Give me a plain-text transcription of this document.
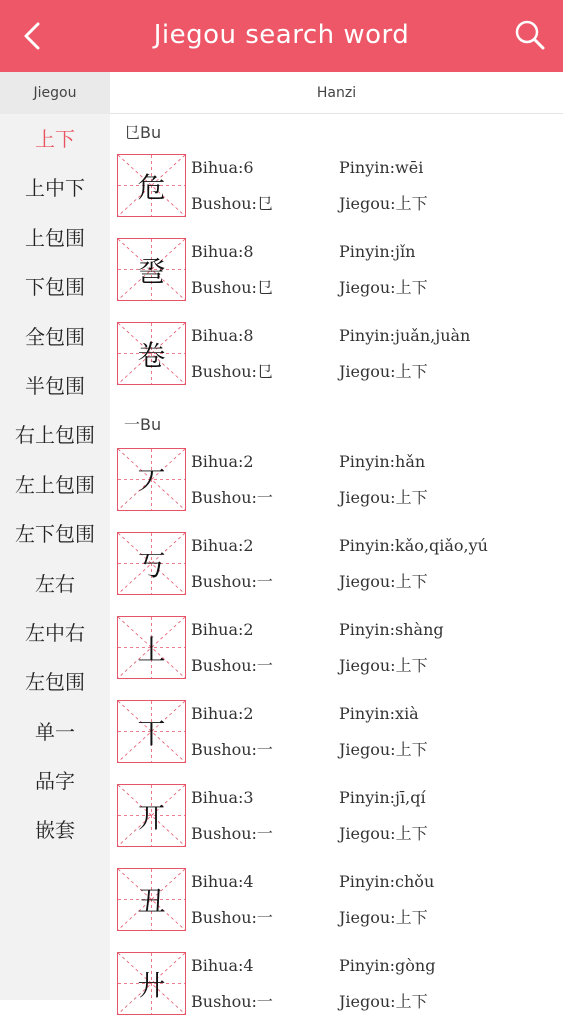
Jiegou search word
Jiegou
上下
上中下
上包围
下包围
全包围
半包围
右上包围
左上包围
左下包围
左右
左中右
左包围
单一
品字
嵌套
Hanzi
㔾Bu
危
Bihua:6
Bushou:㔾
Pinyin:wēi
Jiegou:上下
巹
Bihua:8
Bushou:㔾
Pinyin:jǐn
Jiegou:上下
卷
Bihua:8
Bushou:㔾
Pinyin:juǎn,juàn
Jiegou:上下
一Bu
丆
Bihua:2
Bushou:一
Pinyin:hǎn
Jiegou:上下
丂
Bihua:2
Bushou:一
Pinyin:kǎo,qiǎo,yú
Jiegou:上下
丄
Bihua:2
Bushou:一
Pinyin:shàng
Jiegou:上下
丅
Bihua:2
Bushou:一
Pinyin:xià
Jiegou:上下
丌
Bihua:3
Bushou:一
Pinyin:jī,qí
Jiegou:上下
丑
Bihua:4
Bushou:一
Pinyin:chǒu
Jiegou:上下
廾
Bihua:4
Bushou:一
Pinyin:gòng
Jiegou:上下
